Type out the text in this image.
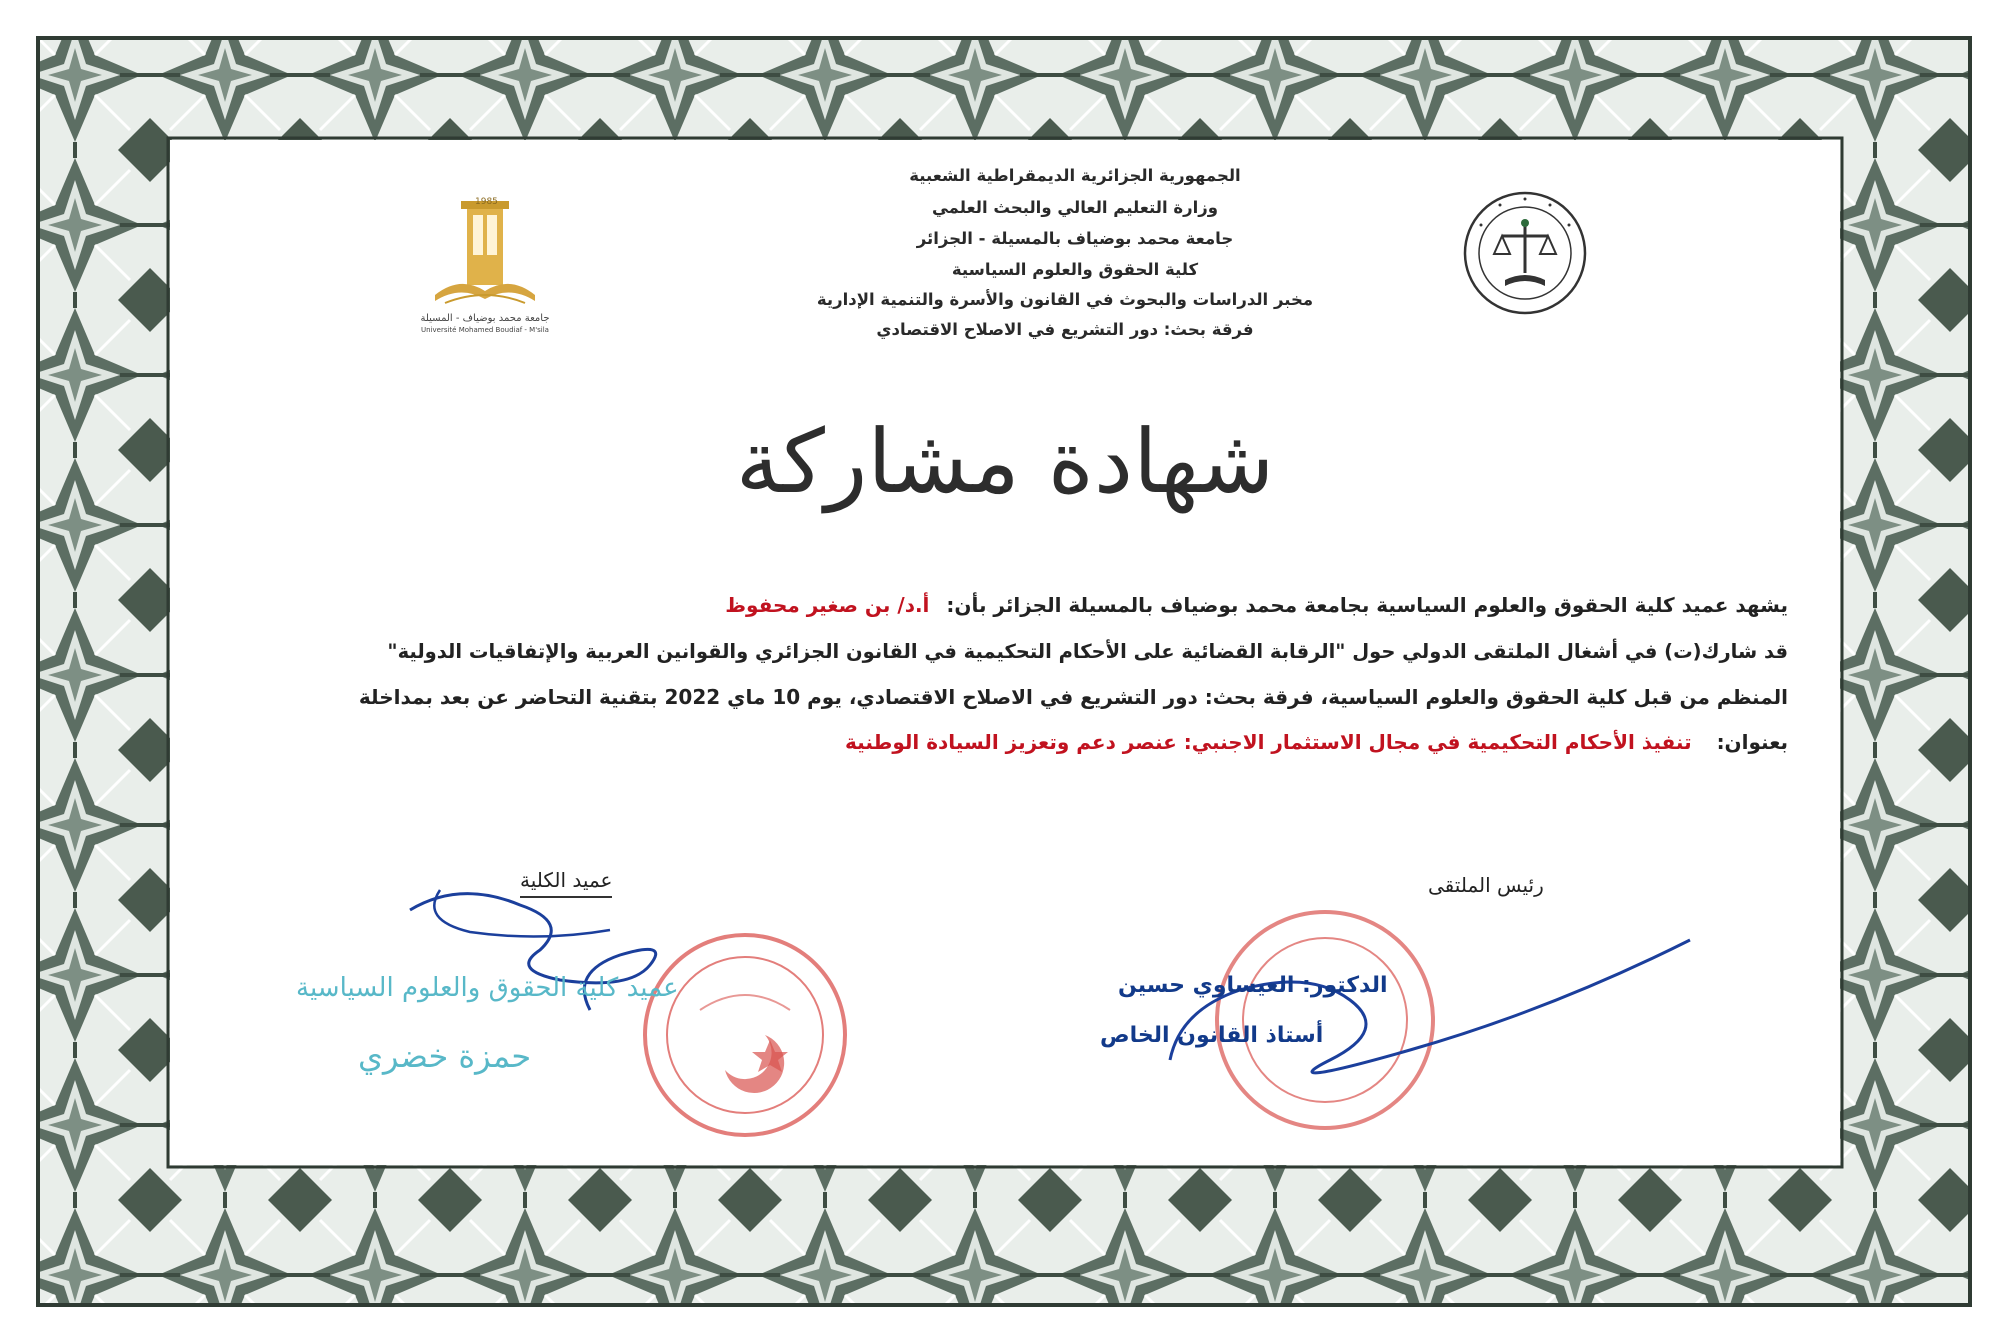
1985
جامعة محمد بوضياف - المسيلة
Université Mohamed Boudiaf - M'sila
الجمهورية الجزائرية الديمقراطية الشعبية
وزارة التعليم العالي والبحث العلمي
جامعة محمد بوضياف بالمسيلة - الجزائر
كلية الحقوق والعلوم السياسية
مخبر الدراسات والبحوث في القانون والأسرة والتنمية الإدارية
فرقة بحث: دور التشريع في الاصلاح الاقتصادي
شهادة مشاركة
يشهد عميد كلية الحقوق والعلوم السياسية بجامعة محمد بوضياف بالمسيلة الجزائر بأن: أ.د/ بن صغير محفوظ
قد شارك(ت) في أشغال الملتقى الدولي حول "الرقابة القضائية على الأحكام التحكيمية في القانون الجزائري والقوانين العربية والإتفاقيات الدولية"
المنظم من قبل كلية الحقوق والعلوم السياسية، فرقة بحث: دور التشريع في الاصلاح الاقتصادي، يوم 10 ماي 2022 بتقنية التحاضر عن بعد بمداخلة
بعنوان: تنفيذ الأحكام التحكيمية في مجال الاستثمار الاجنبي: عنصر دعم وتعزيز السيادة الوطنية
عميد الكلية
عميد كلية الحقوق والعلوم السياسية
حمزة خضري
رئيس الملتقى
الدكتور: العيساوي حسين
أستاذ القانون الخاص
